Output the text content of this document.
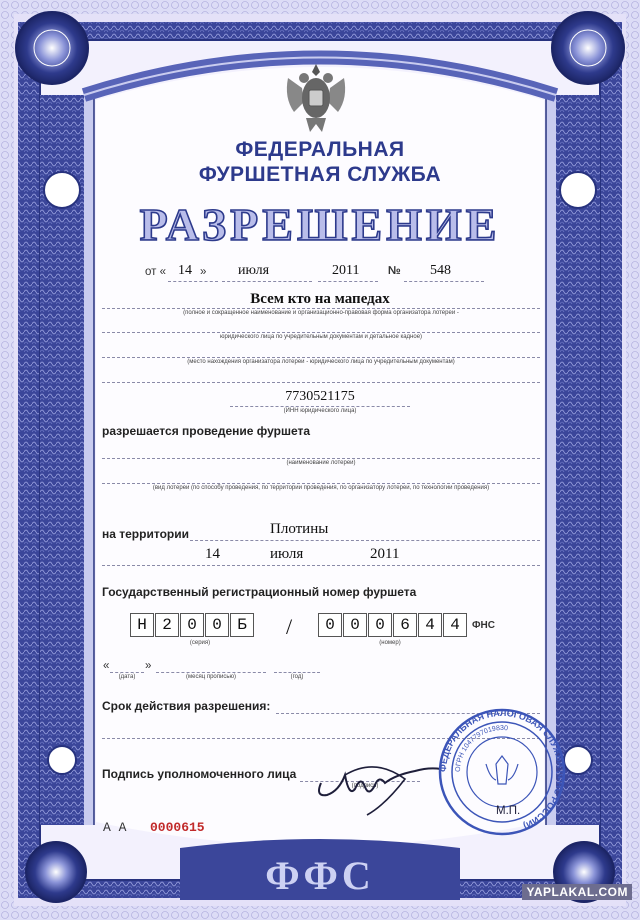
ФЕДЕРАЛЬНАЯ
ФУРШЕТНАЯ СЛУЖБА
РАЗРЕШЕНИЕ
от « 14 » июля	2011 № 548
Всем кто на мапедах
(полное и сокращенное наименование и организационно-правовая форма организатора лотереи -
юридического лица по учредительным документам и детальное кадное)
(место нахождения организатора лотереи - юридического лица по учредительным документам)
7730521175
(ИНН юридического лица)
разрешается проведение фуршета
(наименование лотереи)
(вид лотереи (по способу проведения, по территории проведения, по организатору лотереи, по технологии проведения)
на территории	Плотины
14	июля	2011
Государственный регистрационный номер фуршета
Н 2 0 0 Б	/	0 0 0 6 4 4	ФНС
(серия)	(номер)
«	»
(дата)	(месяц прописью)	(год)
Срок действия разрешения:
Подпись уполномоченного лица
(подпись)
ФЕДЕРАЛЬНАЯ НАЛОГОВАЯ СЛУЖБА (ФНС РОССИИ)
ОГРН 1047797019830
М.П.
А А 0000615
ФФС	YAPLAKAL.COM
